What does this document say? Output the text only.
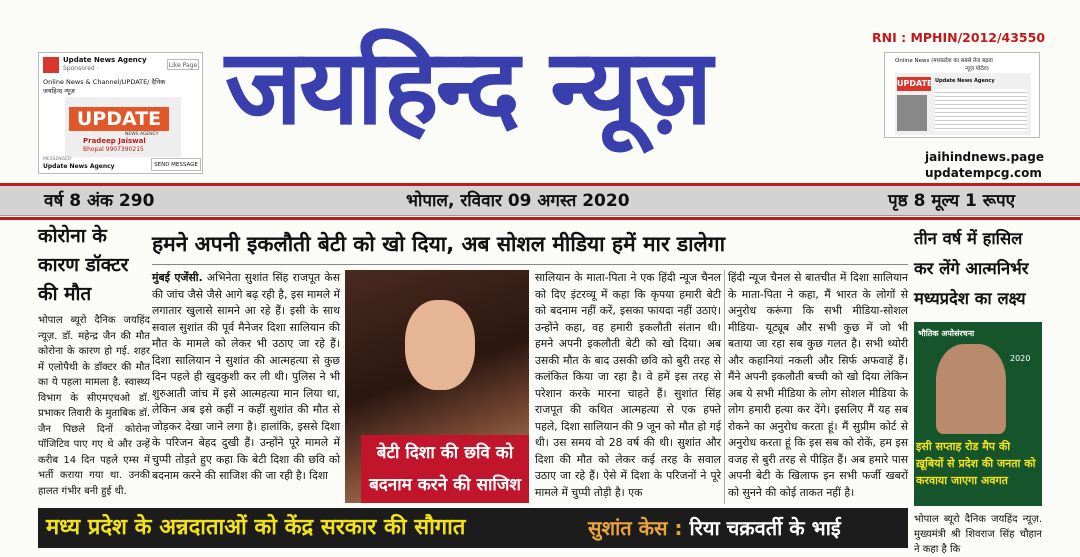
Update News Agency
Sponsored ·	Like Page
Online News & Channel/UPDATE/ दैनिक
जयहिन्द न्यूज़
UPDATE
NEWS AGENCY
Pradeep Jaiswal
Bhopal 9907390215
MESSENGER
Update News Agency	SEND MESSAGE
जयहिन्द न्यूज़	RNI : MPHIN/2012/43550
Online News (मध्यप्रदेश का सबसे तेज बढ़ता
न्यूज़ पोर्टल)
UPDATE Update News Agency
jaihindnews.page
updatempcg.com
वर्ष 8 अंक 290	भोपाल, रविवार 09 अगस्त 2020	पृष्ठ 8 मूल्य 1 रूपए
कोरोना के कारण डॉक्टर की मौत
भोपाल ब्यूरो दैनिक जयहिंद न्यूज़. डॉ. महेन्द्र जैन की मौत कोरोना के कारण हो गई. शहर में एलोपैथी के डॉक्टर की मौत का ये पहला मामला है. स्वास्थ्य विभाग के सीएमएचओ डॉ. प्रभाकर तिवारी के मुताबिक डॉ. जैन पिछले दिनों कोरोना पॉजिटिव पाए गए थे और उन्हें करीब 14 दिन पहले एम्स में भर्ती कराया गया था. उनकी हालत गंभीर बनी हुई थी.
हमने अपनी इकलौती बेटी को खो दिया, अब सोशल मीडिया हमें मार डालेगा
मुंबई एजेंसी. अभिनेता सुशांत सिंह राजपूत केस की जांच जैसे जैसे आगे बढ़ रही है, इस मामले में लगातार खुलासे सामने आ रहे हैं। इसी के साथ सवाल सुशांत की पूर्व मैनेजर दिशा सालियान की मौत के मामले को लेकर भी उठाए जा रहे हैं। दिशा सालियान ने सुशांत की आत्महत्या से कुछ दिन पहले ही खुदकुशी कर ली थी। पुलिस ने भी शुरुआती जांच में इसे आत्महत्या मान लिया था, लेकिन अब इसे कहीं न कहीं सुशांत की मौत से जोड़कर देखा जाने लगा है। हालांकि, इससे दिशा के परिजन बेहद दुखी हैं। उन्होंने पूरे मामले में चुप्पी तोड़ते हुए कहा कि बेटी दिशा की छवि को बदनाम करने की साजिश की जा रही है। दिशा
बेटी दिशा की छवि को बदनाम करने की साजिश
सालियान के माता-पिता ने एक हिंदी न्यूज चैनल को दिए इंटरव्यू में कहा कि कृपया हमारी बेटी को बदनाम नहीं करें, इसका फायदा नहीं उठाएं। उन्होंने कहा, वह हमारी इकलौती संतान थी। हमने अपनी इकलौती बेटी को खो दिया। अब उसकी मौत के बाद उसकी छवि को बुरी तरह से कलंकित किया जा रहा है। वे हमें इस तरह से परेशान करके मारना चाहते हैं। सुशांत सिंह राजपूत की कथित आत्महत्या से एक हफ्ते पहले, दिशा सालियान की 9 जून को मौत हो गई थी। उस समय वो 28 वर्ष की थी। सुशांत और दिशा की मौत को लेकर कई तरह के सवाल उठाए जा रहे हैं। ऐसे में दिशा के परिजनों ने पूरे मामले में चुप्पी तोड़ी है। एक
हिंदी न्यूज चैनल से बातचीत में दिशा सालियान के माता-पिता ने कहा, मैं भारत के लोगों से अनुरोध करूंगा कि सभी मीडिया-सोशल मीडिया- यूट्यूब और सभी कुछ में जो भी बताया जा रहा सब कुछ गलत है। सभी थ्योरी और कहानियां नकली और सिर्फ अफवाहें हैं। मैंने अपनी इकलौती बच्ची को खो दिया लेकिन अब ये सभी मीडिया के लोग सोशल मीडिया के लोग हमारी हत्या कर देंगे। इसलिए मैं यह सब रोकने का अनुरोध करता हूं। मैं सुप्रीम कोर्ट से अनुरोध करता हूं कि इस सब को रोकें, हम इस वजह से बुरी तरह से पीड़ित हैं। अब हमारे पास अपनी बेटी के खिलाफ इन सभी फर्जी खबरों को सुनने की कोई ताकत नहीं है।
तीन वर्ष में हासिल कर लेंगे आत्मनिर्भर मध्यप्रदेश का लक्ष्य
भौतिक अपोसंरचना
2020
इसी सप्ताह रोड मैप की ख़ूबियों से प्रदेश की जनता को करवाया जाएगा अवगत
भोपाल ब्यूरो दैनिक जयहिंद न्यूज़. मुख्यमंत्री श्री शिवराज सिंह चौहान ने कहा है कि
मध्य प्रदेश के अन्नदाताओं को केंद्र सरकार की सौगात	सुशांत केस : रिया चक्रवर्ती के भाई
